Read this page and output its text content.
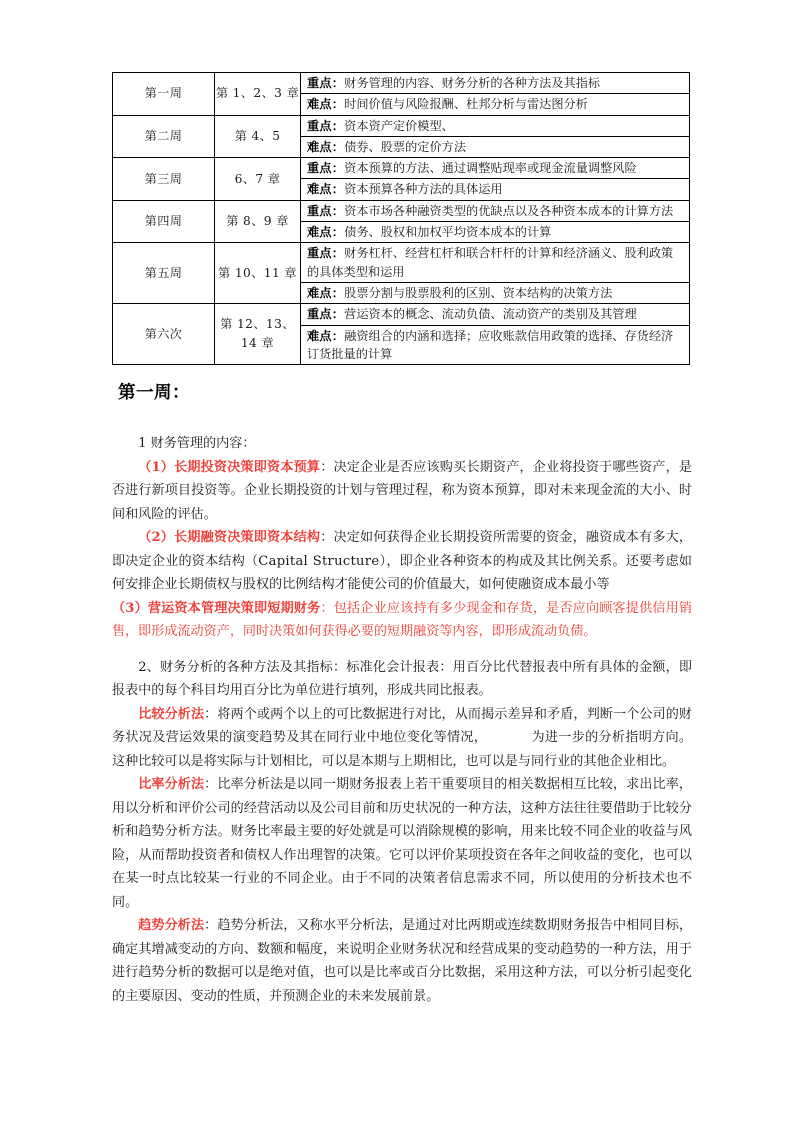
第一周	第 1、2、3 章	重点：财务管理的内容、财务分析的各种方法及其指标
难点：时间价值与风险报酬、杜邦分析与雷达图分析

第二周	第 4、5	重点：资本资产定价模型、
难点：债券、股票的定价方法

第三周	6、7 章	重点：资本预算的方法、通过调整贴现率或现金流量调整风险
难点：资本预算各种方法的具体运用

第四周	第 8、9 章	重点：资本市场各种融资类型的优缺点以及各种资本成本的计算方法
难点：债务、股权和加权平均资本成本的计算

第五周	第 10、11 章	重点：财务杠杆、经营杠杆和联合杆杆的计算和经济涵义、股利政策的具体类型和运用
难点：股票分割与股票股利的区别、资本结构的决策方法

第六次	第 12、13、14 章	重点：营运资本的概念、流动负债、流动资产的类别及其管理
难点：融资组合的内涵和选择；应收账款信用政策的选择、存货经济订货批量的计算
第一周：

1 财务管理的内容：

（1）长期投资决策即资本预算：决定企业是否应该购买长期资产，企业将投资于哪些资产，是否进行新项目投资等。企业长期投资的计划与管理过程，称为资本预算，即对未来现金流的大小、时间和风险的评估。

（2）长期融资决策即资本结构：决定如何获得企业长期投资所需要的资金，融资成本有多大，即决定企业的资本结构（Capital Structure），即企业各种资本的构成及其比例关系。还要考虑如何安排企业长期债权与股权的比例结构才能使公司的价值最大，如何使融资成本最小等

（3）营运资本管理决策即短期财务：包括企业应该持有多少现金和存货，是否应向顾客提供信用销售，即形成流动资产，同时决策如何获得必要的短期融资等内容，即形成流动负债。

2、财务分析的各种方法及其指标：标准化会计报表：用百分比代替报表中所有具体的金额，即报表中的每个科目均用百分比为单位进行填列，形成共同比报表。

比较分析法：将两个或两个以上的可比数据进行对比，从而揭示差异和矛盾，判断一个公司的财务状况及营运效果的演变趋势及其在同行业中地位变化等情况，	为进一步的分析指明方向。这种比较可以是将实际与计划相比，可以是本期与上期相比，也可以是与同行业的其他企业相比。

比率分析法：比率分析法是以同一期财务报表上若干重要项目的相关数据相互比较，求出比率，用以分析和评价公司的经营活动以及公司目前和历史状况的一种方法，这种方法往往要借助于比较分析和趋势分析方法。财务比率最主要的好处就是可以消除规模的影响，用来比较不同企业的收益与风险，从而帮助投资者和债权人作出理智的决策。它可以评价某项投资在各年之间收益的变化，也可以在某一时点比较某一行业的不同企业。由于不同的决策者信息需求不同，所以使用的分析技术也不同。

趋势分析法：趋势分析法，又称水平分析法，是通过对比两期或连续数期财务报告中相同目标，确定其增减变动的方向、数额和幅度，来说明企业财务状况和经营成果的变动趋势的一种方法，用于进行趋势分析的数据可以是绝对值，也可以是比率或百分比数据，采用这种方法，可以分析引起变化的主要原因、变动的性质，并预测企业的未来发展前景。
